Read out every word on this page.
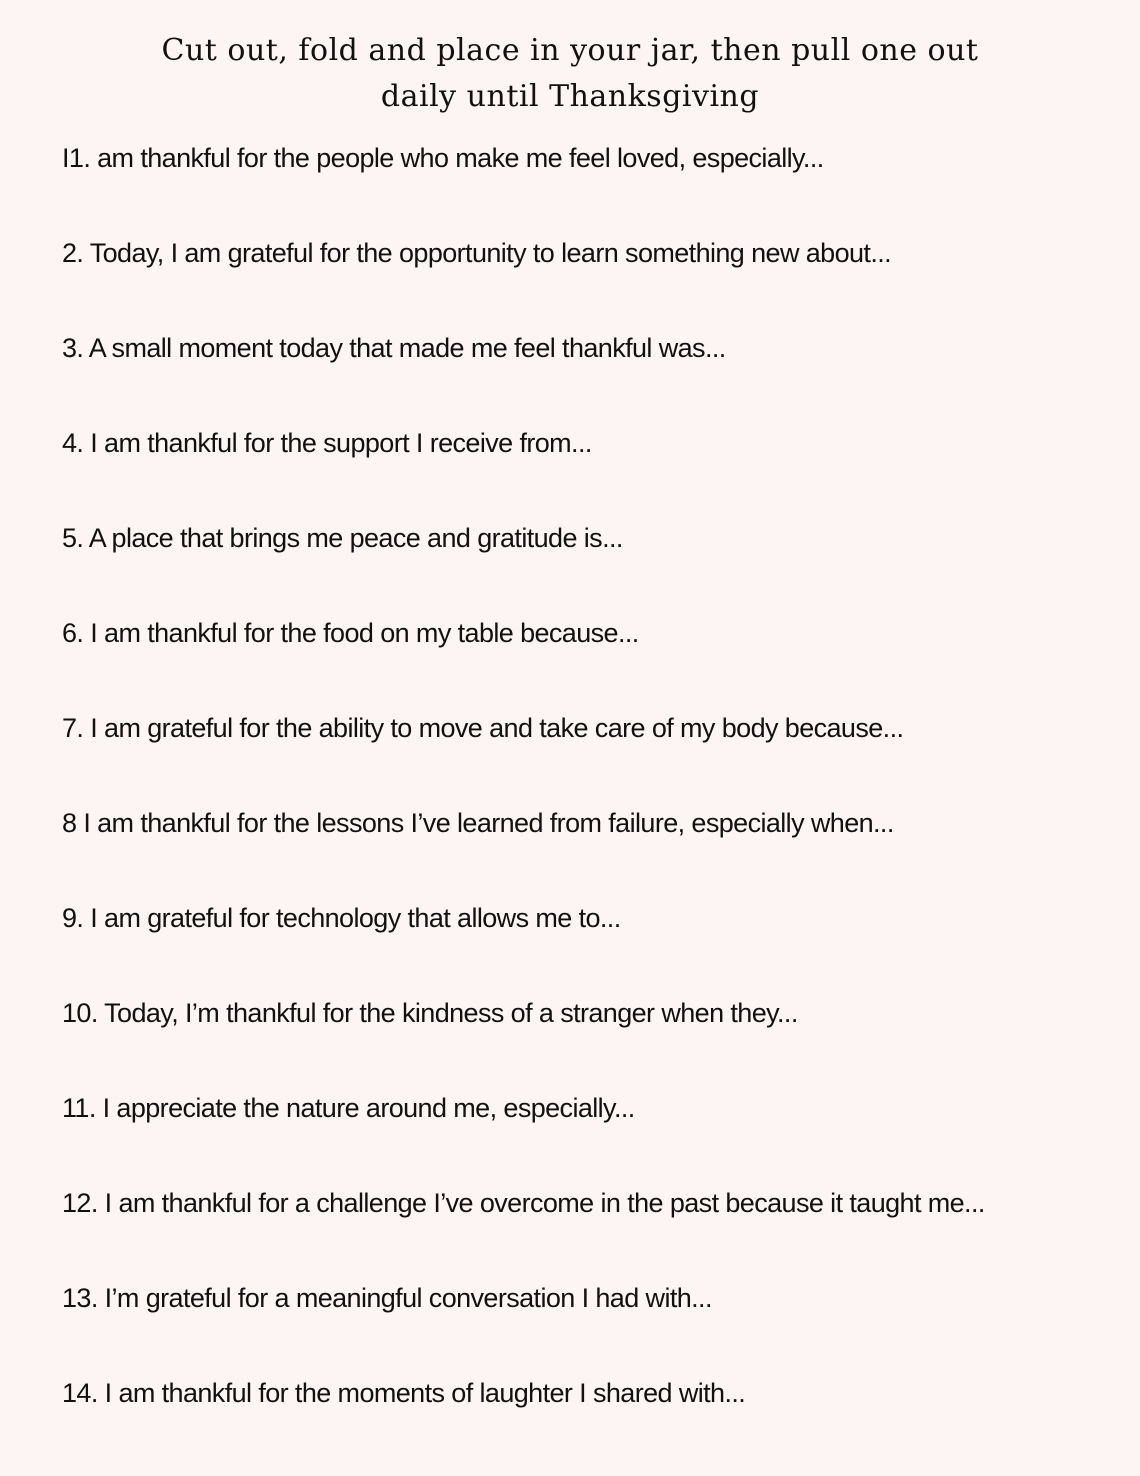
Cut out, fold and place in your jar, then pull one out
daily until Thanksgiving
I1. am thankful for the people who make me feel loved, especially...
2. Today, I am grateful for the opportunity to learn something new about...
3. A small moment today that made me feel thankful was...
4. I am thankful for the support I receive from...
5. A place that brings me peace and gratitude is...
6. I am thankful for the food on my table because...
7. I am grateful for the ability to move and take care of my body because...
8 I am thankful for the lessons I’ve learned from failure, especially when...
9. I am grateful for technology that allows me to...
10. Today, I’m thankful for the kindness of a stranger when they...
11. I appreciate the nature around me, especially...
12. I am thankful for a challenge I’ve overcome in the past because it taught me...
13. I’m grateful for a meaningful conversation I had with...
14. I am thankful for the moments of laughter I shared with...
